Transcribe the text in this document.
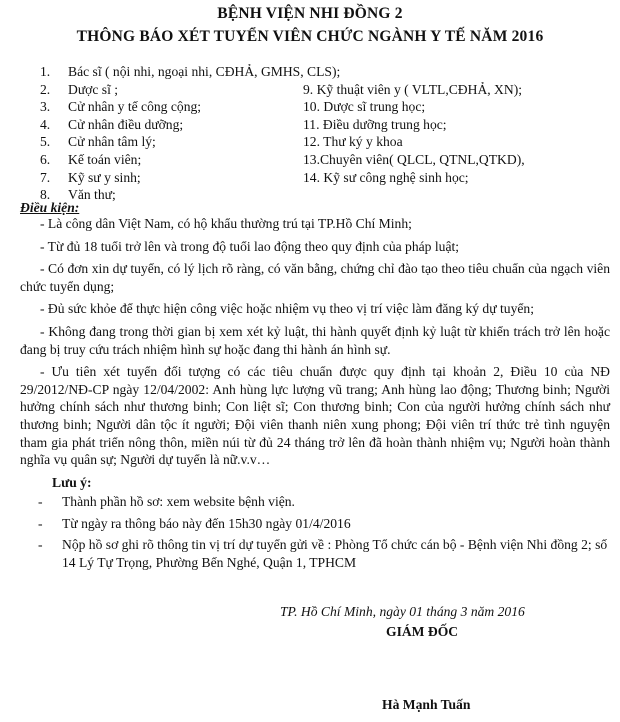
BỆNH VIỆN NHI ĐỒNG 2
THÔNG BÁO XÉT TUYỂN VIÊN CHỨC NGÀNH Y TẾ NĂM 2016
1. Bác sĩ ( nội nhi, ngoại nhi, CĐHẢ, GMHS, CLS);
2. Dược sĩ ;	9. Kỹ thuật viên y ( VLTL,CĐHẢ, XN);
3. Cử nhân y tế công cộng;	10. Dược sĩ trung học;
4. Cử nhân điều dưỡng;	11. Điều dưỡng trung học;
5. Cử nhân tâm lý;	12. Thư ký y khoa
6. Kế toán viên;	13.Chuyên viên( QLCL, QTNL,QTKD),
7. Kỹ sư y sinh;	14. Kỹ sư công nghệ sinh học;
8. Văn thư;
Điều kiện:

- Là công dân Việt Nam, có hộ khẩu thường trú tại TP.Hồ Chí Minh;

- Từ đủ 18 tuổi trở lên và trong độ tuổi lao động theo quy định của pháp luật;

- Có đơn xin dự tuyển, có lý lịch rõ ràng, có văn bằng, chứng chỉ đào tạo theo tiêu chuẩn của ngạch viên chức tuyển dụng;

- Đủ sức khỏe để thực hiện công việc hoặc nhiệm vụ theo vị trí việc làm đăng ký dự tuyển;

- Không đang trong thời gian bị xem xét kỷ luật, thi hành quyết định kỷ luật từ khiển trách trở lên hoặc đang bị truy cứu trách nhiệm hình sự hoặc đang thi hành án hình sự.

- Ưu tiên xét tuyển đối tượng có các tiêu chuẩn được quy định tại khoản 2, Điều 10 của NĐ 29/2012/NĐ-CP ngày 12/04/2002: Anh hùng lực lượng vũ trang; Anh hùng lao động; Thương binh; Người hưởng chính sách như thương binh; Con liệt sĩ; Con thương binh; Con của người hưởng chính sách như thương binh; Người dân tộc ít người; Đội viên thanh niên xung phong; Đội viên trí thức trẻ tình nguyện tham gia phát triển nông thôn, miền núi từ đủ 24 tháng trở lên đã hoàn thành nhiệm vụ; Người hoàn thành nghĩa vụ quân sự; Người dự tuyển là nữ.v.v…

Lưu ý:
- Thành phần hồ sơ: xem website bệnh viện.
- Từ ngày ra thông báo này đến 15h30 ngày 01/4/2016
- Nộp hồ sơ ghi rõ thông tin vị trí dự tuyển gửi về : Phòng Tổ chức cán bộ - Bệnh viện Nhi đồng 2; số 14 Lý Tự Trọng, Phường Bến Nghé, Quận 1, TPHCM
TP. Hồ Chí Minh, ngày 01 tháng 3 năm 2016
GIÁM ĐỐC
Hà Mạnh Tuấn
